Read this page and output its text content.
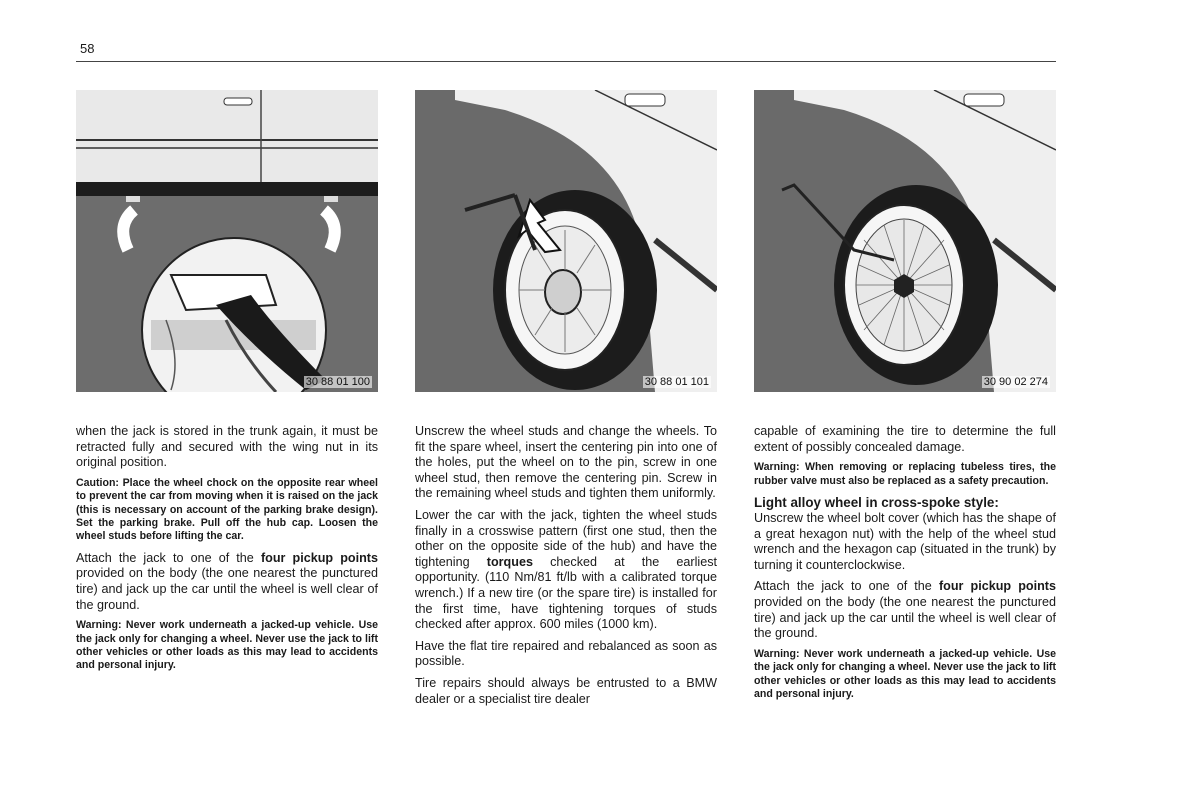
58
30 88 01 100	30 88 01 101	30 90 02 274

when the jack is stored in the trunk again, it must be retracted fully and secured with the wing nut in its original position.

Caution: Place the wheel chock on the opposite rear wheel to prevent the car from moving when it is raised on the jack (this is necessary on account of the parking brake design). Set the parking brake. Pull off the hub cap. Loosen the wheel studs before lifting the car.

Attach the jack to one of the four pickup points provided on the body (the one nearest the punctured tire) and jack up the car until the wheel is well clear of the ground.

Warning: Never work underneath a jacked-up vehicle. Use the jack only for changing a wheel. Never use the jack to lift other vehicles or other loads as this may lead to accidents and personal injury.

Unscrew the wheel studs and change the wheels. To fit the spare wheel, insert the centering pin into one of the holes, put the wheel on to the pin, screw in one wheel stud, then remove the centering pin. Screw in the remaining wheel studs and tighten them uniformly.

Lower the car with the jack, tighten the wheel studs finally in a crosswise pattern (first one stud, then the other on the opposite side of the hub) and have the tightening torques checked at the earliest opportunity. (110 Nm/81 ft/lb with a calibrated torque wrench.) If a new tire (or the spare tire) is installed for the first time, have tightening torques of studs checked after approx. 600 miles (1000 km).

Have the flat tire repaired and rebalanced as soon as possible.

Tire repairs should always be entrusted to a BMW dealer or a specialist tire dealer

capable of examining the tire to determine the full extent of possibly concealed damage.

Warning: When removing or replacing tubeless tires, the rubber valve must also be replaced as a safety precaution.

Light alloy wheel in cross-spoke style:

Unscrew the wheel bolt cover (which has the shape of a great hexagon nut) with the help of the wheel stud wrench and the hexagon cap (situated in the trunk) by turning it counterclockwise.

Attach the jack to one of the four pickup points provided on the body (the one nearest the punctured tire) and jack up the car until the wheel is well clear of the ground.

Warning: Never work underneath a jacked-up vehicle. Use the jack only for changing a wheel. Never use the jack to lift other vehicles or other loads as this may lead to accidents and personal injury.
